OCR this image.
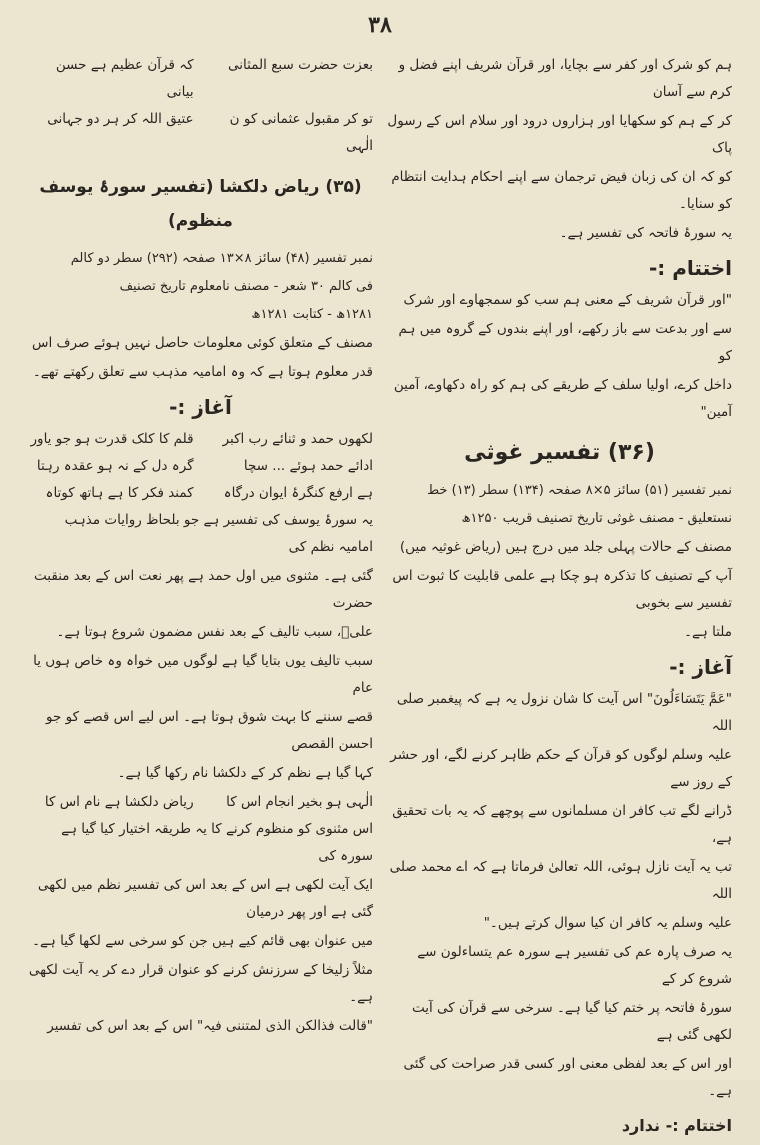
۳۸
ہم کو شرک اور کفر سے بچایا، اور قرآن شریف اپنے فضل و کرم سے آسان
کر کے ہم کو سکھایا اور ہزاروں درود اور سلام اس کے رسول پاک
کو کہ ان کی زبان فیض ترجمان سے اپنے احکام ہدایت انتظام کو سنایا۔
یہ سورۂ فاتحہ کی تفسیر ہے۔
اختتام :-
"اور قرآن شریف کے معنی ہم سب کو سمجھاوے اور شرک
سے اور بدعت سے باز رکھے، اور اپنے بندوں کے گروہ میں ہم کو
داخل کرے، اولیا سلف کے طریقے کی ہم کو راہ دکھاوے، آمین آمین"
(۳۶) تفسیر غوثی
نمبر تفسیر (۵۱) سائز ۵×۸ صفحہ (۱۳۴) سطر (۱۳) خط
نستعلیق - مصنف غوثی تاریخ تصنیف قریب ۱۲۵۰ھ
مصنف کے حالات پہلی جلد میں درج ہیں (ریاض غوثیہ میں)
آپ کے تصنیف کا تذکرہ ہو چکا ہے علمی قابلیت کا ثبوت اس تفسیر سے بخوبی
ملتا ہے۔
آغاز :-
"عَمَّ یَتَسَاءَلُونَ" اس آیت کا شان نزول یہ ہے کہ پیغمبر صلی اللہ
علیہ وسلم لوگوں کو قرآن کے حکم ظاہر کرنے لگے، اور حشر کے روز سے
ڈرانے لگے تب کافر ان مسلمانوں سے پوچھے کہ یہ بات تحقیق ہے،
تب یہ آیت نازل ہوئی، اللہ تعالیٰ فرماتا ہے کہ اے محمد صلی اللہ
علیہ وسلم یہ کافر ان کیا سوال کرتے ہیں۔"
یہ صرف پارہ عم کی تفسیر ہے سورہ عم یتساءلون سے شروع کر کے
سورۂ فاتحہ پر ختم کیا گیا ہے۔ سرخی سے قرآن کی آیت لکھی گئی ہے
اور اس کے بعد لفظی معنی اور کسی قدر صراحت کی گئی ہے۔
اختتام :- ندارد
بعزت حضرت سبع المثانی
کہ قرآن عظیم ہے حسن بیانی
تو کر مقبول عثمانی کو ن الٰہی
عتیق اللہ کر ہر دو جہانی
(۳۵) ریاض دلکشا (تفسیر سورۂ یوسف منظوم)
نمبر تفسیر (۴۸) سائز ۸×۱۳ صفحہ (۲۹۲) سطر دو کالم
فی کالم ۳۰ شعر - مصنف نامعلوم تاریخ تصنیف
۱۲۸۱ھ - کتابت ۱۲۸۱ھ
مصنف کے متعلق کوئی معلومات حاصل نہیں ہوئے صرف اس
قدر معلوم ہوتا ہے کہ وہ امامیہ مذہب سے تعلق رکھتے تھے۔
آغاز :-
لکھوں حمد و ثنائے رب اکبر
قلم کا کلک قدرت ہو جو یاور
ادائے حمد ہوئے ... سچا
گرہ دل کے نہ ہو عقدہ رہتا
ہے ارفع کنگرۂ ایوان درگاہ
کمند فکر کا ہے ہاتھ کوتاہ
یہ سورۂ یوسف کی تفسیر ہے جو بلحاظ روایات مذہب امامیہ نظم کی
گئی ہے۔ مثنوی میں اول حمد ہے پھر نعت اس کے بعد منقبت حضرت
علیؑ، سبب تالیف کے بعد نفس مضمون شروع ہوتا ہے۔
سبب تالیف یوں بتایا گیا ہے لوگوں میں خواہ وہ خاص ہوں یا عام
قصے سننے کا بہت شوق ہوتا ہے۔ اس لیے اس قصے کو جو احسن القصص
کہا گیا ہے نظم کر کے دلکشا نام رکھا گیا ہے۔
الٰہی ہو بخیر انجام اس کا
ریاض دلکشا ہے نام اس کا
اس مثنوی کو منظوم کرنے کا یہ طریقہ اختیار کیا گیا ہے سورہ کی
ایک آیت لکھی ہے اس کے بعد اس کی تفسیر نظم میں لکھی گئی ہے اور پھر درمیان
میں عنوان بھی قائم کیے ہیں جن کو سرخی سے لکھا گیا ہے۔
مثلاً زلیخا کے سرزنش کرنے کو عنوان قرار دے کر یہ آیت لکھی ہے۔
"قالت فذالکن الذی لمتننی فیہ" اس کے بعد اس کی تفسیر
